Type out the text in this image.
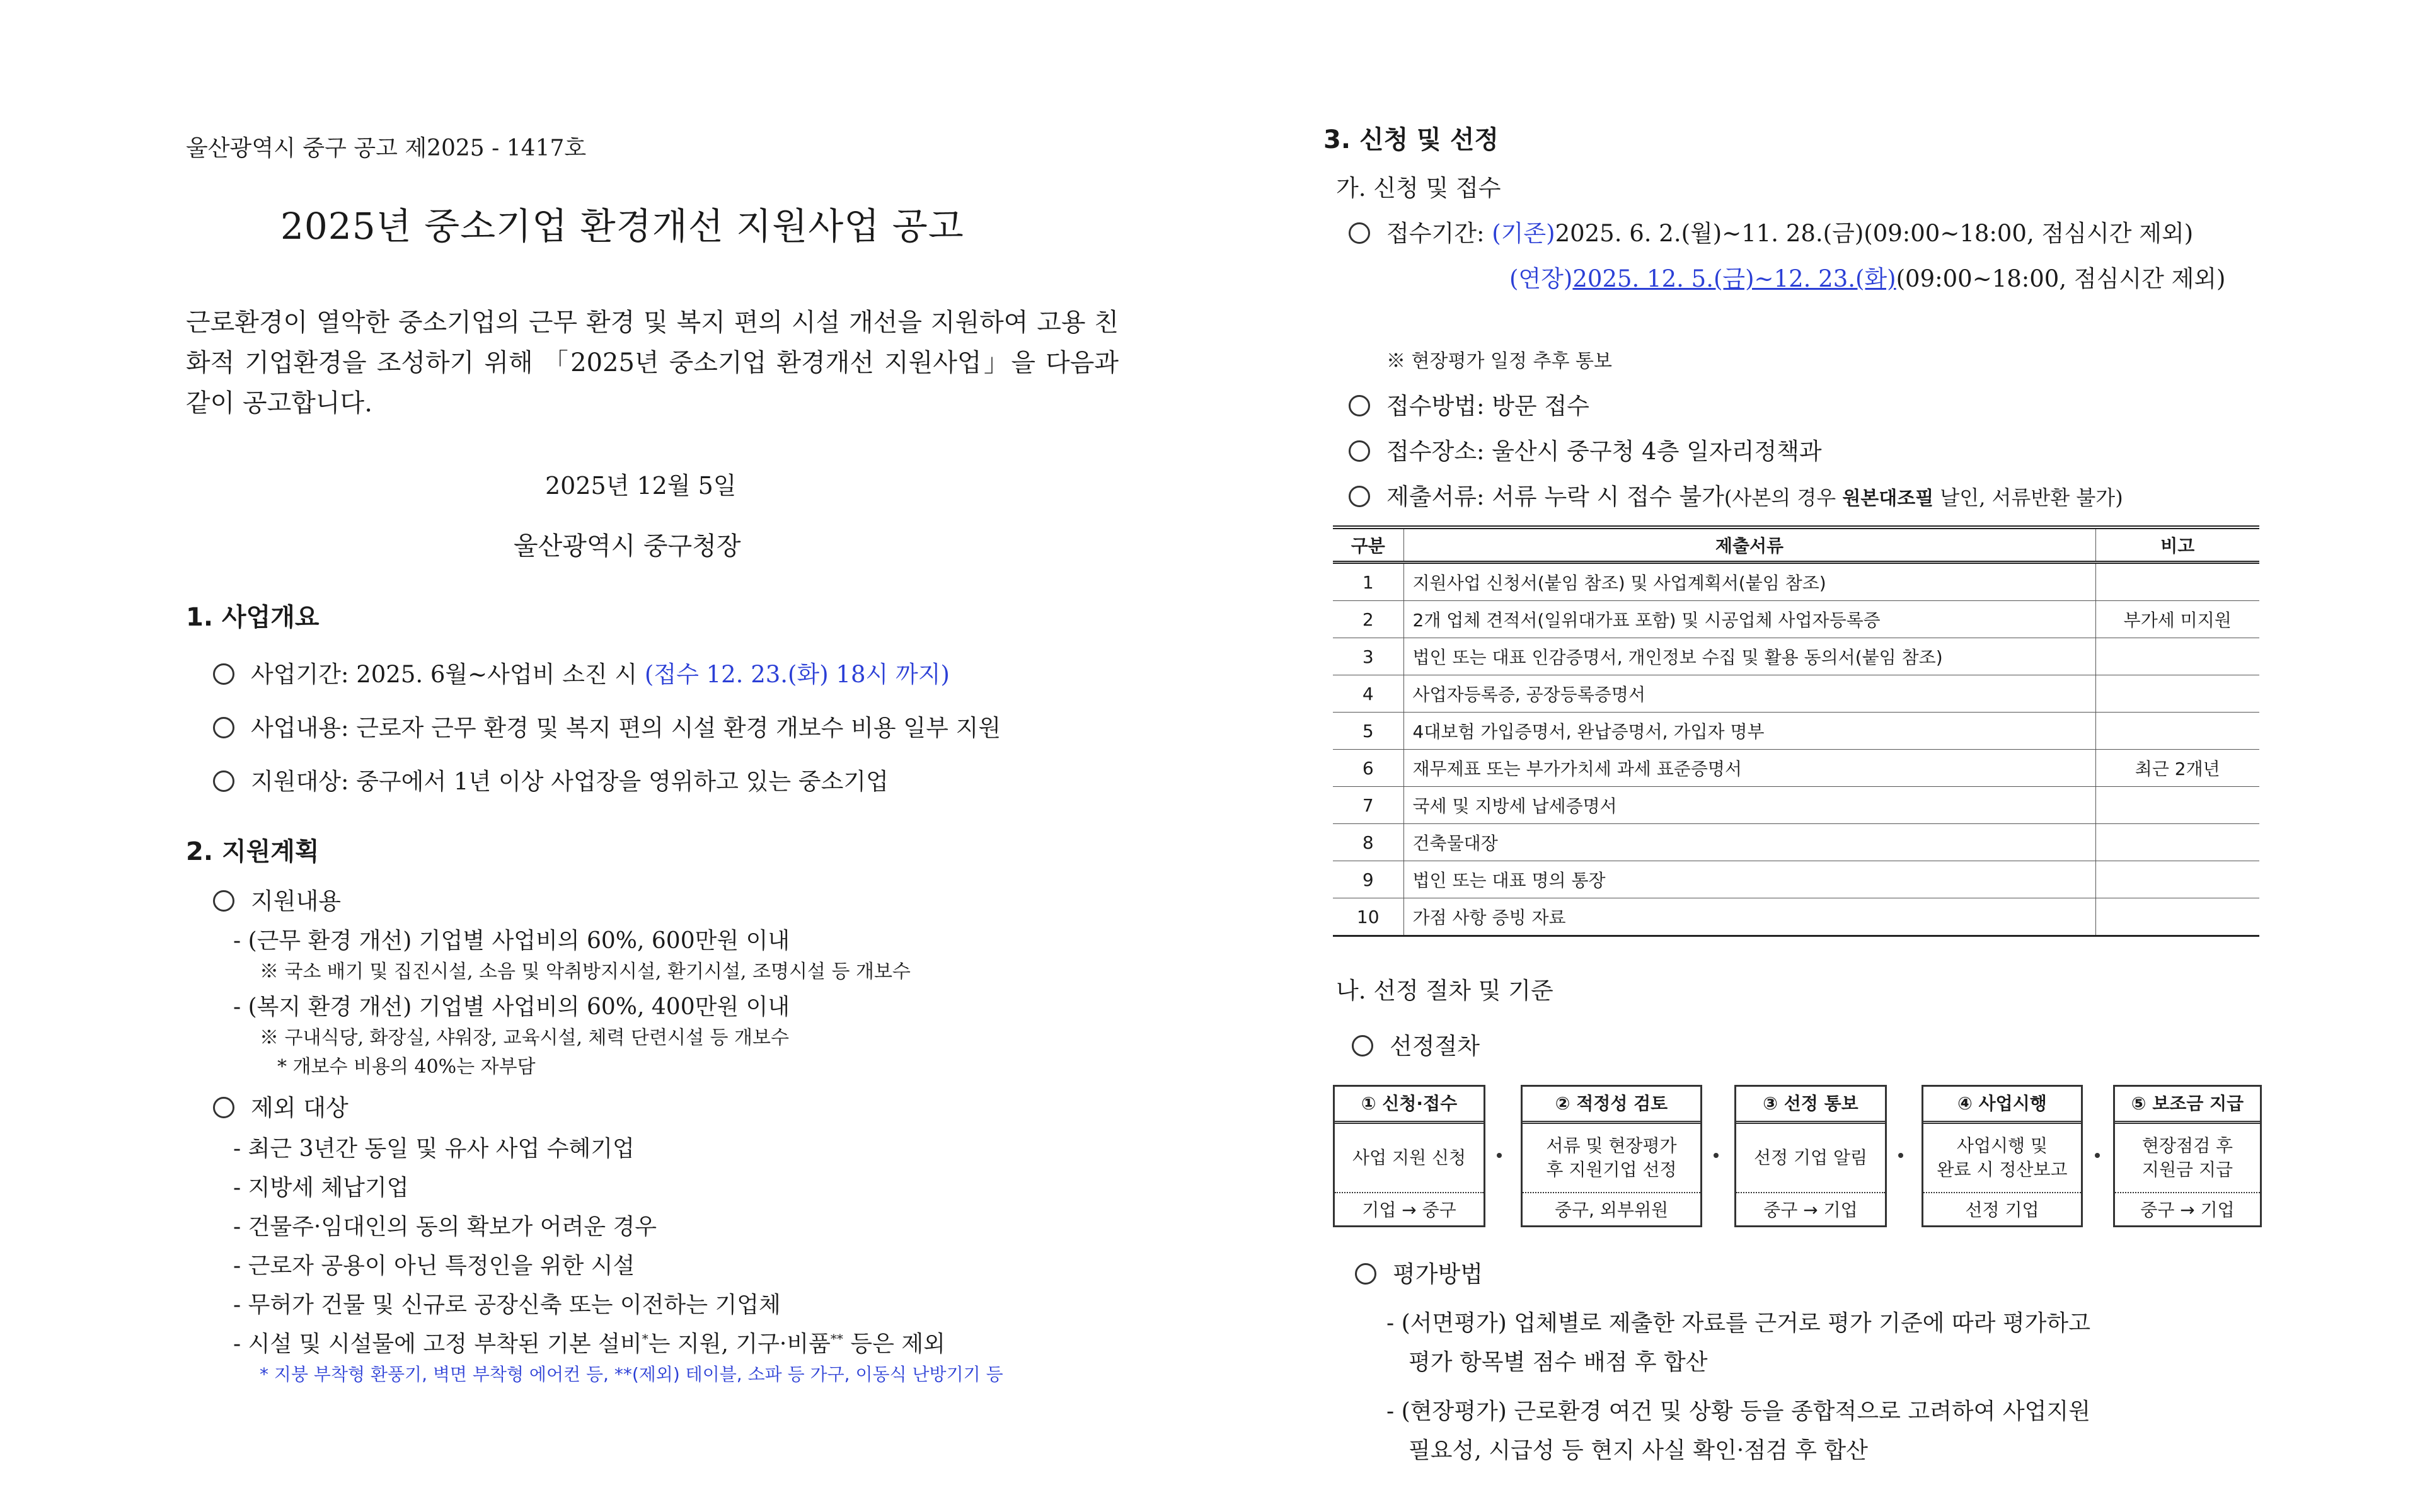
울산광역시 중구 공고 제2025 - 1417호
2025년 중소기업 환경개선 지원사업 공고
근로환경이 열악한 중소기업의 근무 환경 및 복지 편의 시설 개선을 지원하여 고용 친화적 기업환경을 조성하기 위해 「2025년 중소기업 환경개선 지원사업」을 다음과 같이 공고합니다.
2025년 12월 5일
울산광역시 중구청장
1. 사업개요
사업기간: 2025. 6월~사업비 소진 시 (접수 12. 23.(화) 18시 까지)
사업내용: 근로자 근무 환경 및 복지 편의 시설 환경 개보수 비용 일부 지원
지원대상: 중구에서 1년 이상 사업장을 영위하고 있는 중소기업
2. 지원계획
지원내용
- (근무 환경 개선) 기업별 사업비의 60%, 600만원 이내
※ 국소 배기 및 집진시설, 소음 및 악취방지시설, 환기시설, 조명시설 등 개보수
- (복지 환경 개선) 기업별 사업비의 60%, 400만원 이내
※ 구내식당, 화장실, 샤워장, 교육시설, 체력 단련시설 등 개보수
* 개보수 비용의 40%는 자부담
제외 대상
- 최근 3년간 동일 및 유사 사업 수혜기업
- 지방세 체납기업
- 건물주·임대인의 동의 확보가 어려운 경우
- 근로자 공용이 아닌 특정인을 위한 시설
- 무허가 건물 및 신규로 공장신축 또는 이전하는 기업체
- 시설 및 시설물에 고정 부착된 기본 설비*는 지원, 기구·비품** 등은 제외
* 지붕 부착형 환풍기, 벽면 부착형 에어컨 등, **(제외) 테이블, 소파 등 가구, 이동식 난방기기 등
3. 신청 및 선정
가. 신청 및 접수
접수기간: (기존)2025. 6. 2.(월)~11. 28.(금)(09:00~18:00, 점심시간 제외)
(연장)2025. 12. 5.(금)~12. 23.(화)(09:00~18:00, 점심시간 제외)
※ 현장평가 일정 추후 통보
접수방법: 방문 접수
접수장소: 울산시 중구청 4층 일자리정책과
제출서류: 서류 누락 시 접수 불가(사본의 경우 원본대조필 날인, 서류반환 불가)
구분	제출서류	비고
1	지원사업 신청서(붙임 참조) 및 사업계획서(붙임 참조)	
2	2개 업체 견적서(일위대가표 포함) 및 시공업체 사업자등록증	부가세 미지원
3	법인 또는 대표 인감증명서, 개인정보 수집 및 활용 동의서(붙임 참조)	
4	사업자등록증, 공장등록증명서	
5	4대보험 가입증명서, 완납증명서, 가입자 명부	
6	재무제표 또는 부가가치세 과세 표준증명서	최근 2개년
7	국세 및 지방세 납세증명서	
8	건축물대장	
9	법인 또는 대표 명의 통장	
10	가점 사항 증빙 자료	
나. 선정 절차 및 기준
선정절차
① 신청·접수
사업 지원 신청
기업 → 중구
② 적정성 검토
서류 및 현장평가
후 지원기업 선정
중구, 외부위원
③ 선정 통보
선정 기업 알림
중구 → 기업
④ 사업시행
사업시행 및
완료 시 정산보고
선정 기업
⑤ 보조금 지급
현장점검 후
지원금 지급
중구 → 기업
평가방법
- (서면평가) 업체별로 제출한 자료를 근거로 평가 기준에 따라 평가하고
평가 항목별 점수 배점 후 합산
- (현장평가) 근로환경 여건 및 상황 등을 종합적으로 고려하여 사업지원
필요성, 시급성 등 현지 사실 확인·점검 후 합산
